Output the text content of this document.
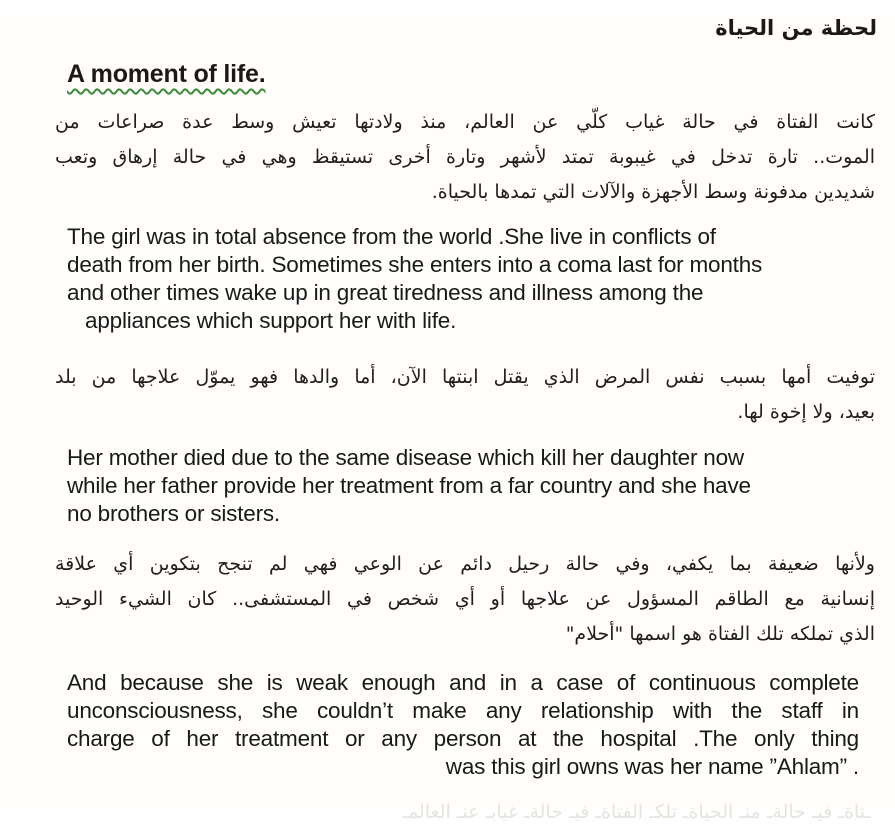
لحظة من الحياة
A moment of life.
كانت الفتاة في حالة غياب كلّي عن العالم، منذ ولادتها تعيش وسط عدة صراعات من
الموت.. تارة تدخل في غيبوبة تمتد لأشهر وتارة أخرى تستيقظ وهي في حالة إرهاق وتعب
شديدين مدفونة وسط الأجهزة والآلات التي تمدها بالحياة.
The girl was in total absence from the world .She live in conflicts of
death from her birth. Sometimes she enters into a coma last for months
and other times wake up in great tiredness and illness among the
appliances which support her with life.
توفيت أمها بسبب نفس المرض الذي يقتل ابنتها الآن، أما والدها فهو يموّل علاجها من بلد
بعيد، ولا إخوة لها.
Her mother died due to the same disease which kill her daughter now
while her father provide her treatment from a far country and she have
no brothers or sisters.
ولأنها ضعيفة بما يكفي، وفي حالة رحيل دائم عن الوعي فهي لم تنجح بتكوين أي علاقة
إنسانية مع الطاقم المسؤول عن علاجها أو أي شخص في المستشفى.. كان الشيء الوحيد
الذي تملكه تلك الفتاة هو اسمها "أحلام"
And because she is weak enough and in a case of continuous complete
unconsciousness, she couldn’t make any relationship with the staff in
charge of her treatment or any person at the hospital .The only thing
was this girl owns was her name ”Ahlam” .
ـتاةـ فيـ حالةـ منـ الحياةـ تلكـ الفتاةـ فيـ حالةـ غيابـ عنـ العالمـ
